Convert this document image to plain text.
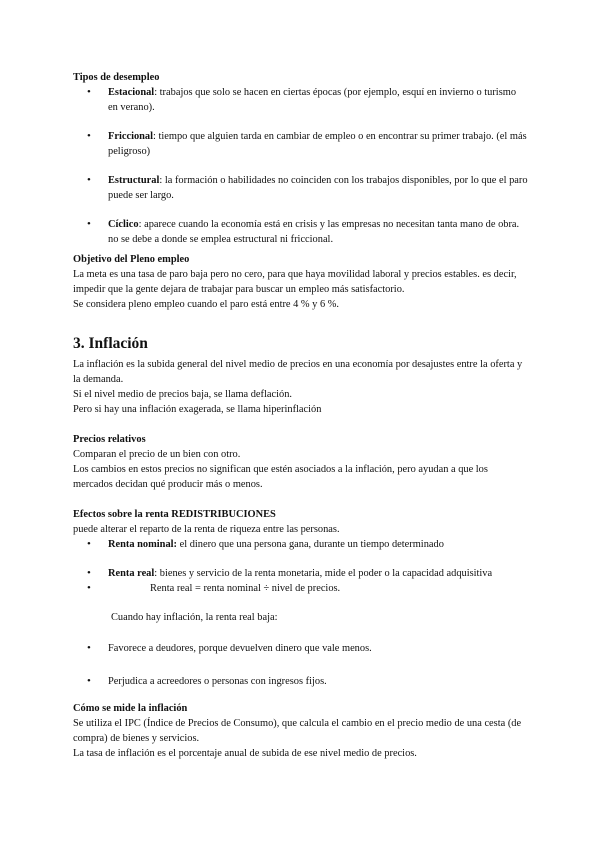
Tipos de desempleo

• Estacional: trabajos que solo se hacen en ciertas épocas (por ejemplo, esquí en invierno o turismo en verano).
• Friccional: tiempo que alguien tarda en cambiar de empleo o en encontrar su primer trabajo. (el más peligroso)
• Estructural: la formación o habilidades no coinciden con los trabajos disponibles, por lo que el paro puede ser largo.
• Cíclico: aparece cuando la economía está en crisis y las empresas no necesitan tanta mano de obra. no se debe a donde se emplea estructural ni friccional.

Objetivo del Pleno empleo

La meta es una tasa de paro baja pero no cero, para que haya movilidad laboral y precios estables. es decir, impedir que la gente dejara de trabajar para buscar un empleo más satisfactorio.

Se considera pleno empleo cuando el paro está entre 4 % y 6 %.

3. Inflación

La inflación es la subida general del nivel medio de precios en una economía por desajustes entre la oferta y la demanda.

Si el nivel medio de precios baja, se llama deflación.

Pero si hay una inflación exagerada, se llama hiperinflación

Precios relativos

Comparan el precio de un bien con otro.

Los cambios en estos precios no significan que estén asociados a la inflación, pero ayudan a que los mercados decidan qué producir más o menos.

Efectos sobre la renta REDISTRIBUCIONES

puede alterar el reparto de la renta de riqueza entre las personas.

• Renta nominal: el dinero que una persona gana, durante un tiempo determinado
• Renta real: bienes y servicio de la renta monetaria, mide el poder o la capacidad adquisitiva
• Renta real = renta nominal ÷ nivel de precios.

Cuando hay inflación, la renta real baja:

• Favorece a deudores, porque devuelven dinero que vale menos.
• Perjudica a acreedores o personas con ingresos fijos.

Cómo se mide la inflación

Se utiliza el IPC (Índice de Precios de Consumo), que calcula el cambio en el precio medio de una cesta (de compra) de bienes y servicios.

La tasa de inflación es el porcentaje anual de subida de ese nivel medio de precios.
